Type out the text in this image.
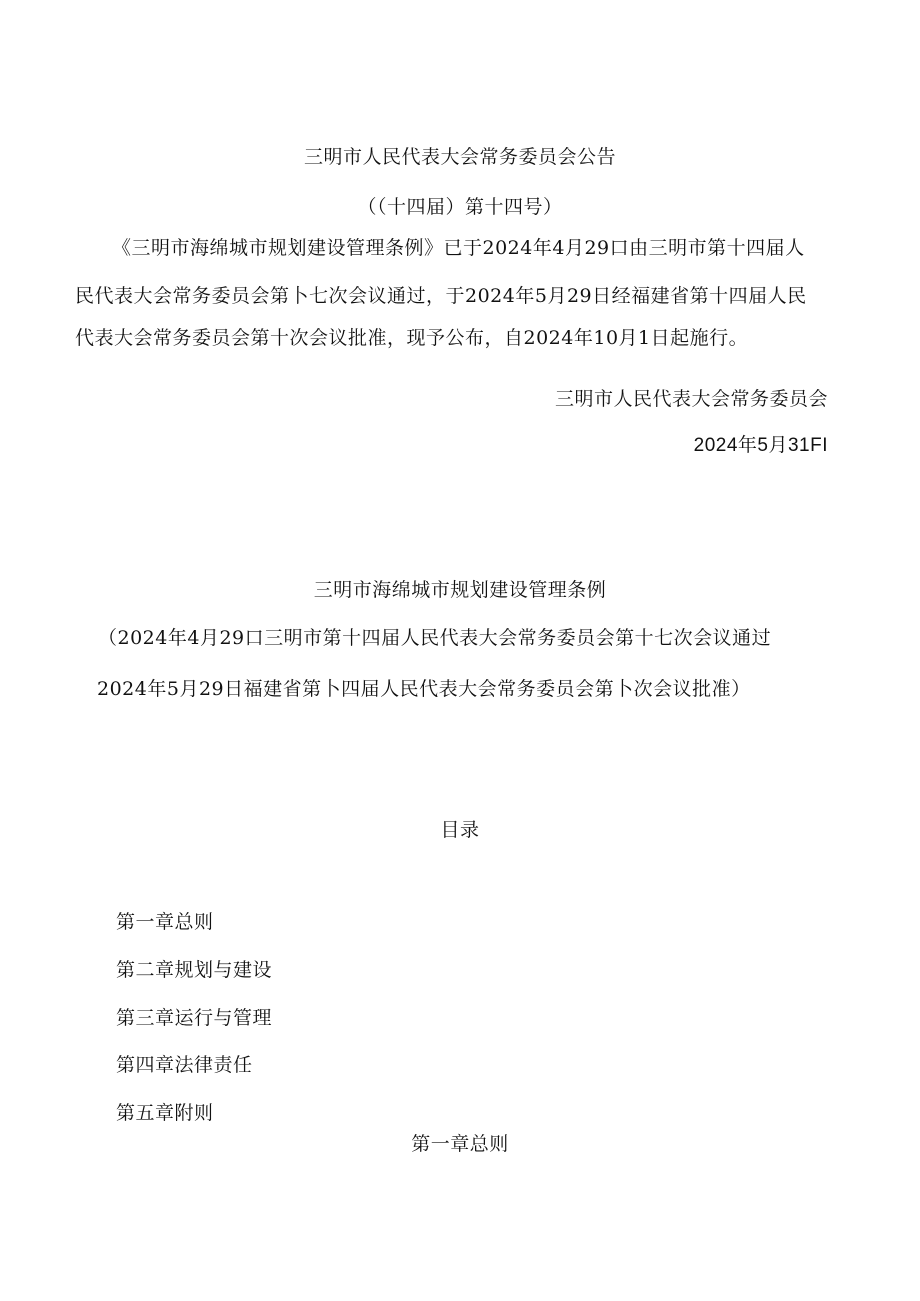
三明市人民代表大会常务委员会公告
（（十四届）第十四号）
《三明市海绵城市规划建设管理条例》已于2024年4月29口由三明市第十四届人
民代表大会常务委员会第卜七次会议通过，于2024年5月29日经福建省第十四届人民
代表大会常务委员会第十次会议批准，现予公布，自2024年10月1日起施行。
三明市人民代表大会常务委员会
2024年5月31FI
三明市海绵城市规划建设管理条例
（2024年4月29口三明市第十四届人民代表大会常务委员会第十七次会议通过
2024年5月29日福建省第卜四届人民代表大会常务委员会第卜次会议批准）
目录
第一章总则
第二章规划与建设
第三章运行与管理
第四章法律责任
第五章附则
第一章总则
